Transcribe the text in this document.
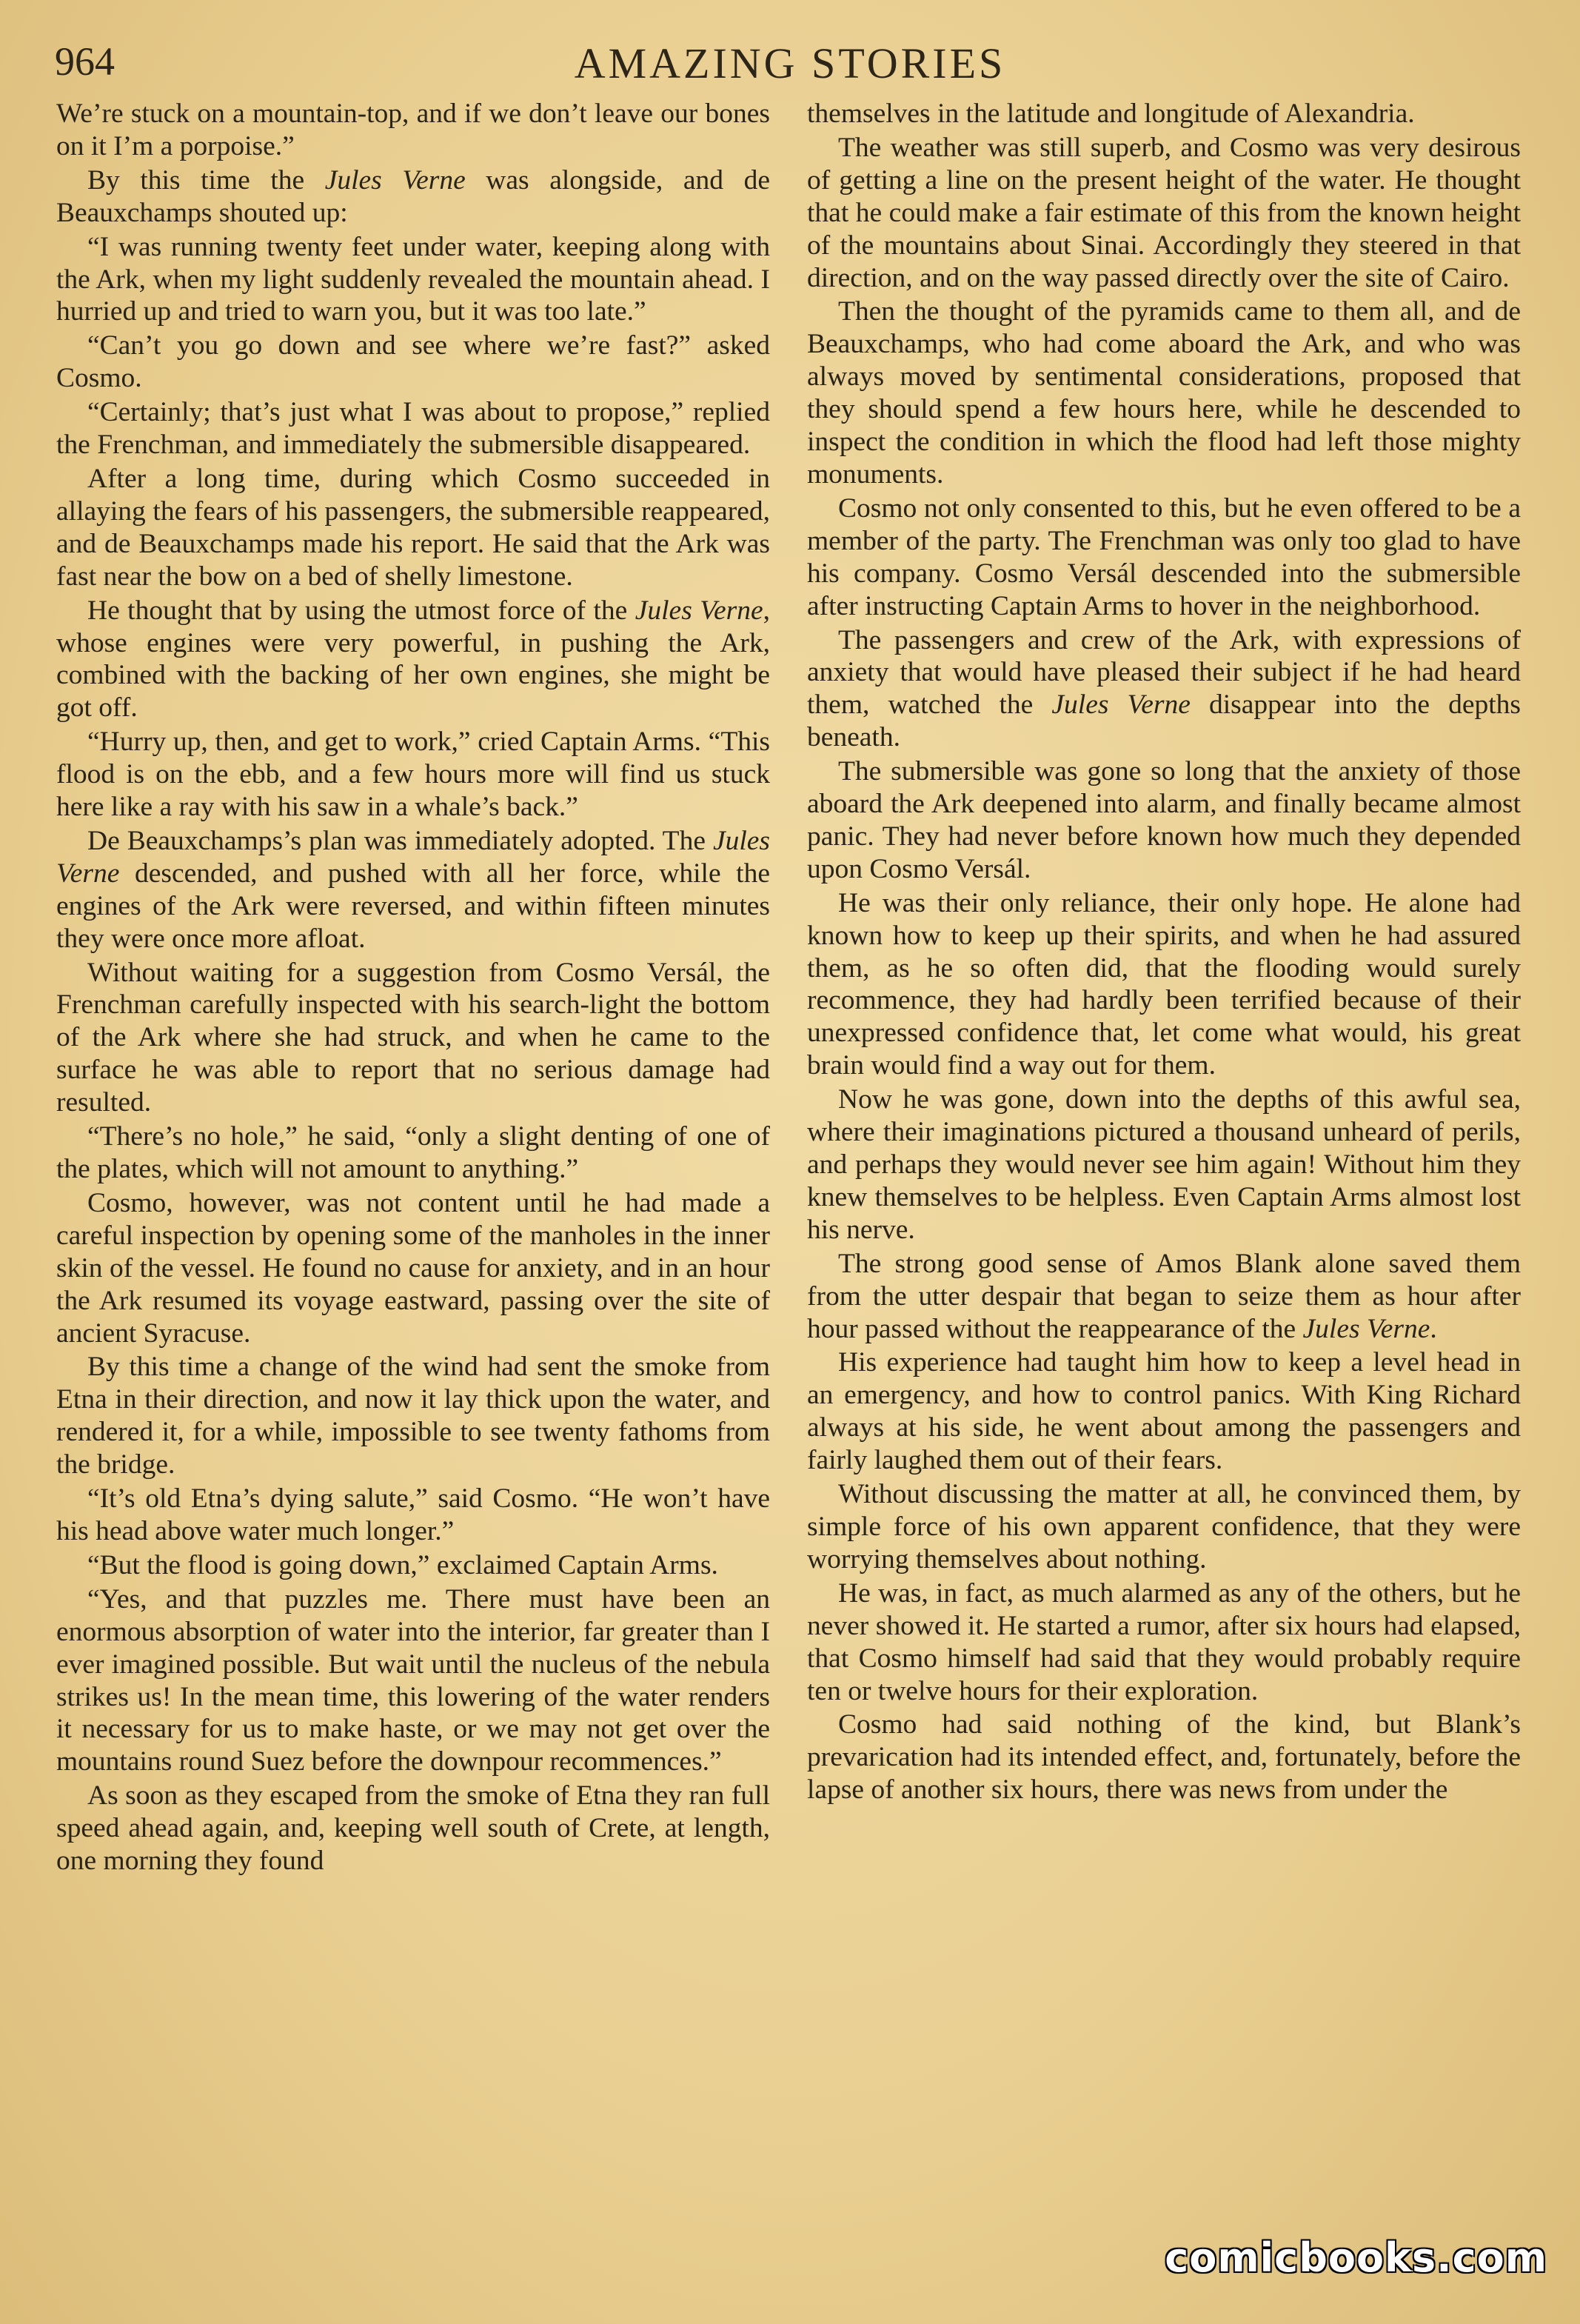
964	AMAZING STORIES

We’re stuck on a mountain-top, and if we don’t leave our bones on it I’m a porpoise.”

By this time the Jules Verne was alongside, and de Beauxchamps shouted up:

“I was running twenty feet under water, keeping along with the Ark, when my light suddenly revealed the mountain ahead. I hurried up and tried to warn you, but it was too late.”

“Can’t you go down and see where we’re fast?” asked Cosmo.

“Certainly; that’s just what I was about to propose,” replied the Frenchman, and immediately the submersible disappeared.

After a long time, during which Cosmo succeeded in allaying the fears of his passengers, the submersible reappeared, and de Beauxchamps made his report. He said that the Ark was fast near the bow on a bed of shelly limestone.

He thought that by using the utmost force of the Jules Verne, whose engines were very powerful, in pushing the Ark, combined with the backing of her own engines, she might be got off.

“Hurry up, then, and get to work,” cried Captain Arms. “This flood is on the ebb, and a few hours more will find us stuck here like a ray with his saw in a whale’s back.”

De Beauxchamps’s plan was immediately adopted. The Jules Verne descended, and pushed with all her force, while the engines of the Ark were reversed, and within fifteen minutes they were once more afloat.

Without waiting for a suggestion from Cosmo Versál, the Frenchman carefully inspected with his search-light the bottom of the Ark where she had struck, and when he came to the surface he was able to report that no serious damage had resulted.

“There’s no hole,” he said, “only a slight denting of one of the plates, which will not amount to anything.”

Cosmo, however, was not content until he had made a careful inspection by opening some of the manholes in the inner skin of the vessel. He found no cause for anxiety, and in an hour the Ark resumed its voyage eastward, passing over the site of ancient Syracuse.

By this time a change of the wind had sent the smoke from Etna in their direction, and now it lay thick upon the water, and rendered it, for a while, impossible to see twenty fathoms from the bridge.

“It’s old Etna’s dying salute,” said Cosmo. “He won’t have his head above water much longer.”

“But the flood is going down,” exclaimed Captain Arms.

“Yes, and that puzzles me. There must have been an enormous absorption of water into the interior, far greater than I ever imagined possible. But wait until the nucleus of the nebula strikes us! In the mean time, this lowering of the water renders it necessary for us to make haste, or we may not get over the mountains round Suez before the downpour recommences.”

As soon as they escaped from the smoke of Etna they ran full speed ahead again, and, keeping well south of Crete, at length, one morning they found

themselves in the latitude and longitude of Alexandria.

The weather was still superb, and Cosmo was very desirous of getting a line on the present height of the water. He thought that he could make a fair estimate of this from the known height of the mountains about Sinai. Accordingly they steered in that direction, and on the way passed directly over the site of Cairo.

Then the thought of the pyramids came to them all, and de Beauxchamps, who had come aboard the Ark, and who was always moved by sentimental considerations, proposed that they should spend a few hours here, while he descended to inspect the condition in which the flood had left those mighty monuments.

Cosmo not only consented to this, but he even offered to be a member of the party. The Frenchman was only too glad to have his company. Cosmo Versál descended into the submersible after instructing Captain Arms to hover in the neighborhood.

The passengers and crew of the Ark, with expressions of anxiety that would have pleased their subject if he had heard them, watched the Jules Verne disappear into the depths beneath.

The submersible was gone so long that the anxiety of those aboard the Ark deepened into alarm, and finally became almost panic. They had never before known how much they depended upon Cosmo Versál.

He was their only reliance, their only hope. He alone had known how to keep up their spirits, and when he had assured them, as he so often did, that the flooding would surely recommence, they had hardly been terrified because of their unexpressed confidence that, let come what would, his great brain would find a way out for them.

Now he was gone, down into the depths of this awful sea, where their imaginations pictured a thousand unheard of perils, and perhaps they would never see him again! Without him they knew themselves to be helpless. Even Captain Arms almost lost his nerve.

The strong good sense of Amos Blank alone saved them from the utter despair that began to seize them as hour after hour passed without the reappearance of the Jules Verne.

His experience had taught him how to keep a level head in an emergency, and how to control panics. With King Richard always at his side, he went about among the passengers and fairly laughed them out of their fears.

Without discussing the matter at all, he convinced them, by simple force of his own apparent confidence, that they were worrying themselves about nothing.

He was, in fact, as much alarmed as any of the others, but he never showed it. He started a rumor, after six hours had elapsed, that Cosmo himself had said that they would probably require ten or twelve hours for their exploration.

Cosmo had said nothing of the kind, but Blank’s prevarication had its intended effect, and, fortunately, before the lapse of another six hours, there was news from under the

comicbooks.com
